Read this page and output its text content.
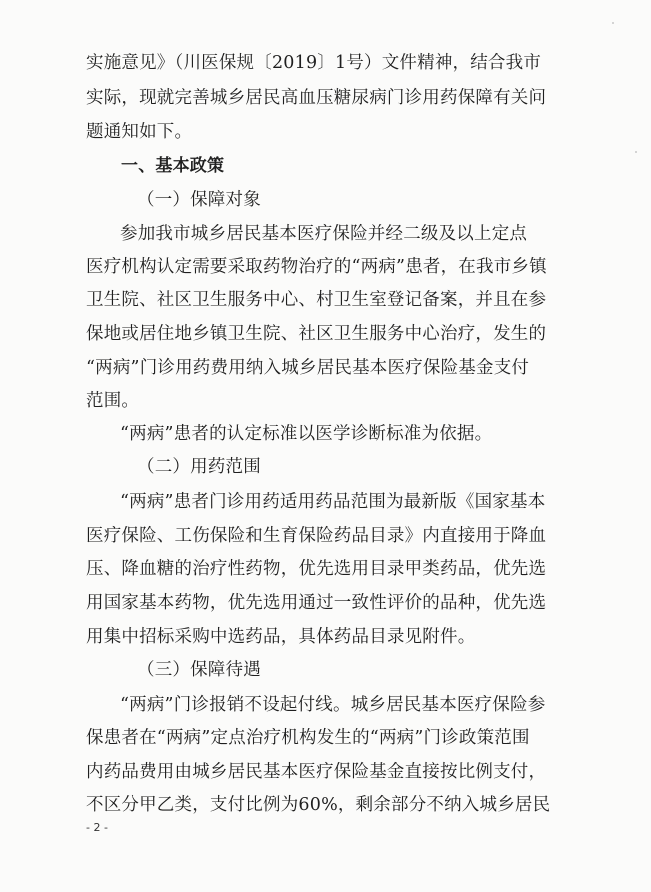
实施意见》（川医保规〔2019〕1号）文件精神，结合我市
实际，现就完善城乡居民高血压糖尿病门诊用药保障有关问
题通知如下。
一、基本政策
（一）保障对象
参加我市城乡居民基本医疗保险并经二级及以上定点
医疗机构认定需要采取药物治疗的“两病”患者，在我市乡镇
卫生院、社区卫生服务中心、村卫生室登记备案，并且在参
保地或居住地乡镇卫生院、社区卫生服务中心治疗，发生的
“两病”门诊用药费用纳入城乡居民基本医疗保险基金支付
范围。
“两病”患者的认定标准以医学诊断标准为依据。
（二）用药范围
“两病”患者门诊用药适用药品范围为最新版《国家基本
医疗保险、工伤保险和生育保险药品目录》内直接用于降血
压、降血糖的治疗性药物，优先选用目录甲类药品，优先选
用国家基本药物，优先选用通过一致性评价的品种，优先选
用集中招标采购中选药品，具体药品目录见附件。
（三）保障待遇
“两病”门诊报销不设起付线。城乡居民基本医疗保险参
保患者在“两病”定点治疗机构发生的“两病”门诊政策范围
内药品费用由城乡居民基本医疗保险基金直接按比例支付，
不区分甲乙类，支付比例为60%，剩余部分不纳入城乡居民
- 2 -
